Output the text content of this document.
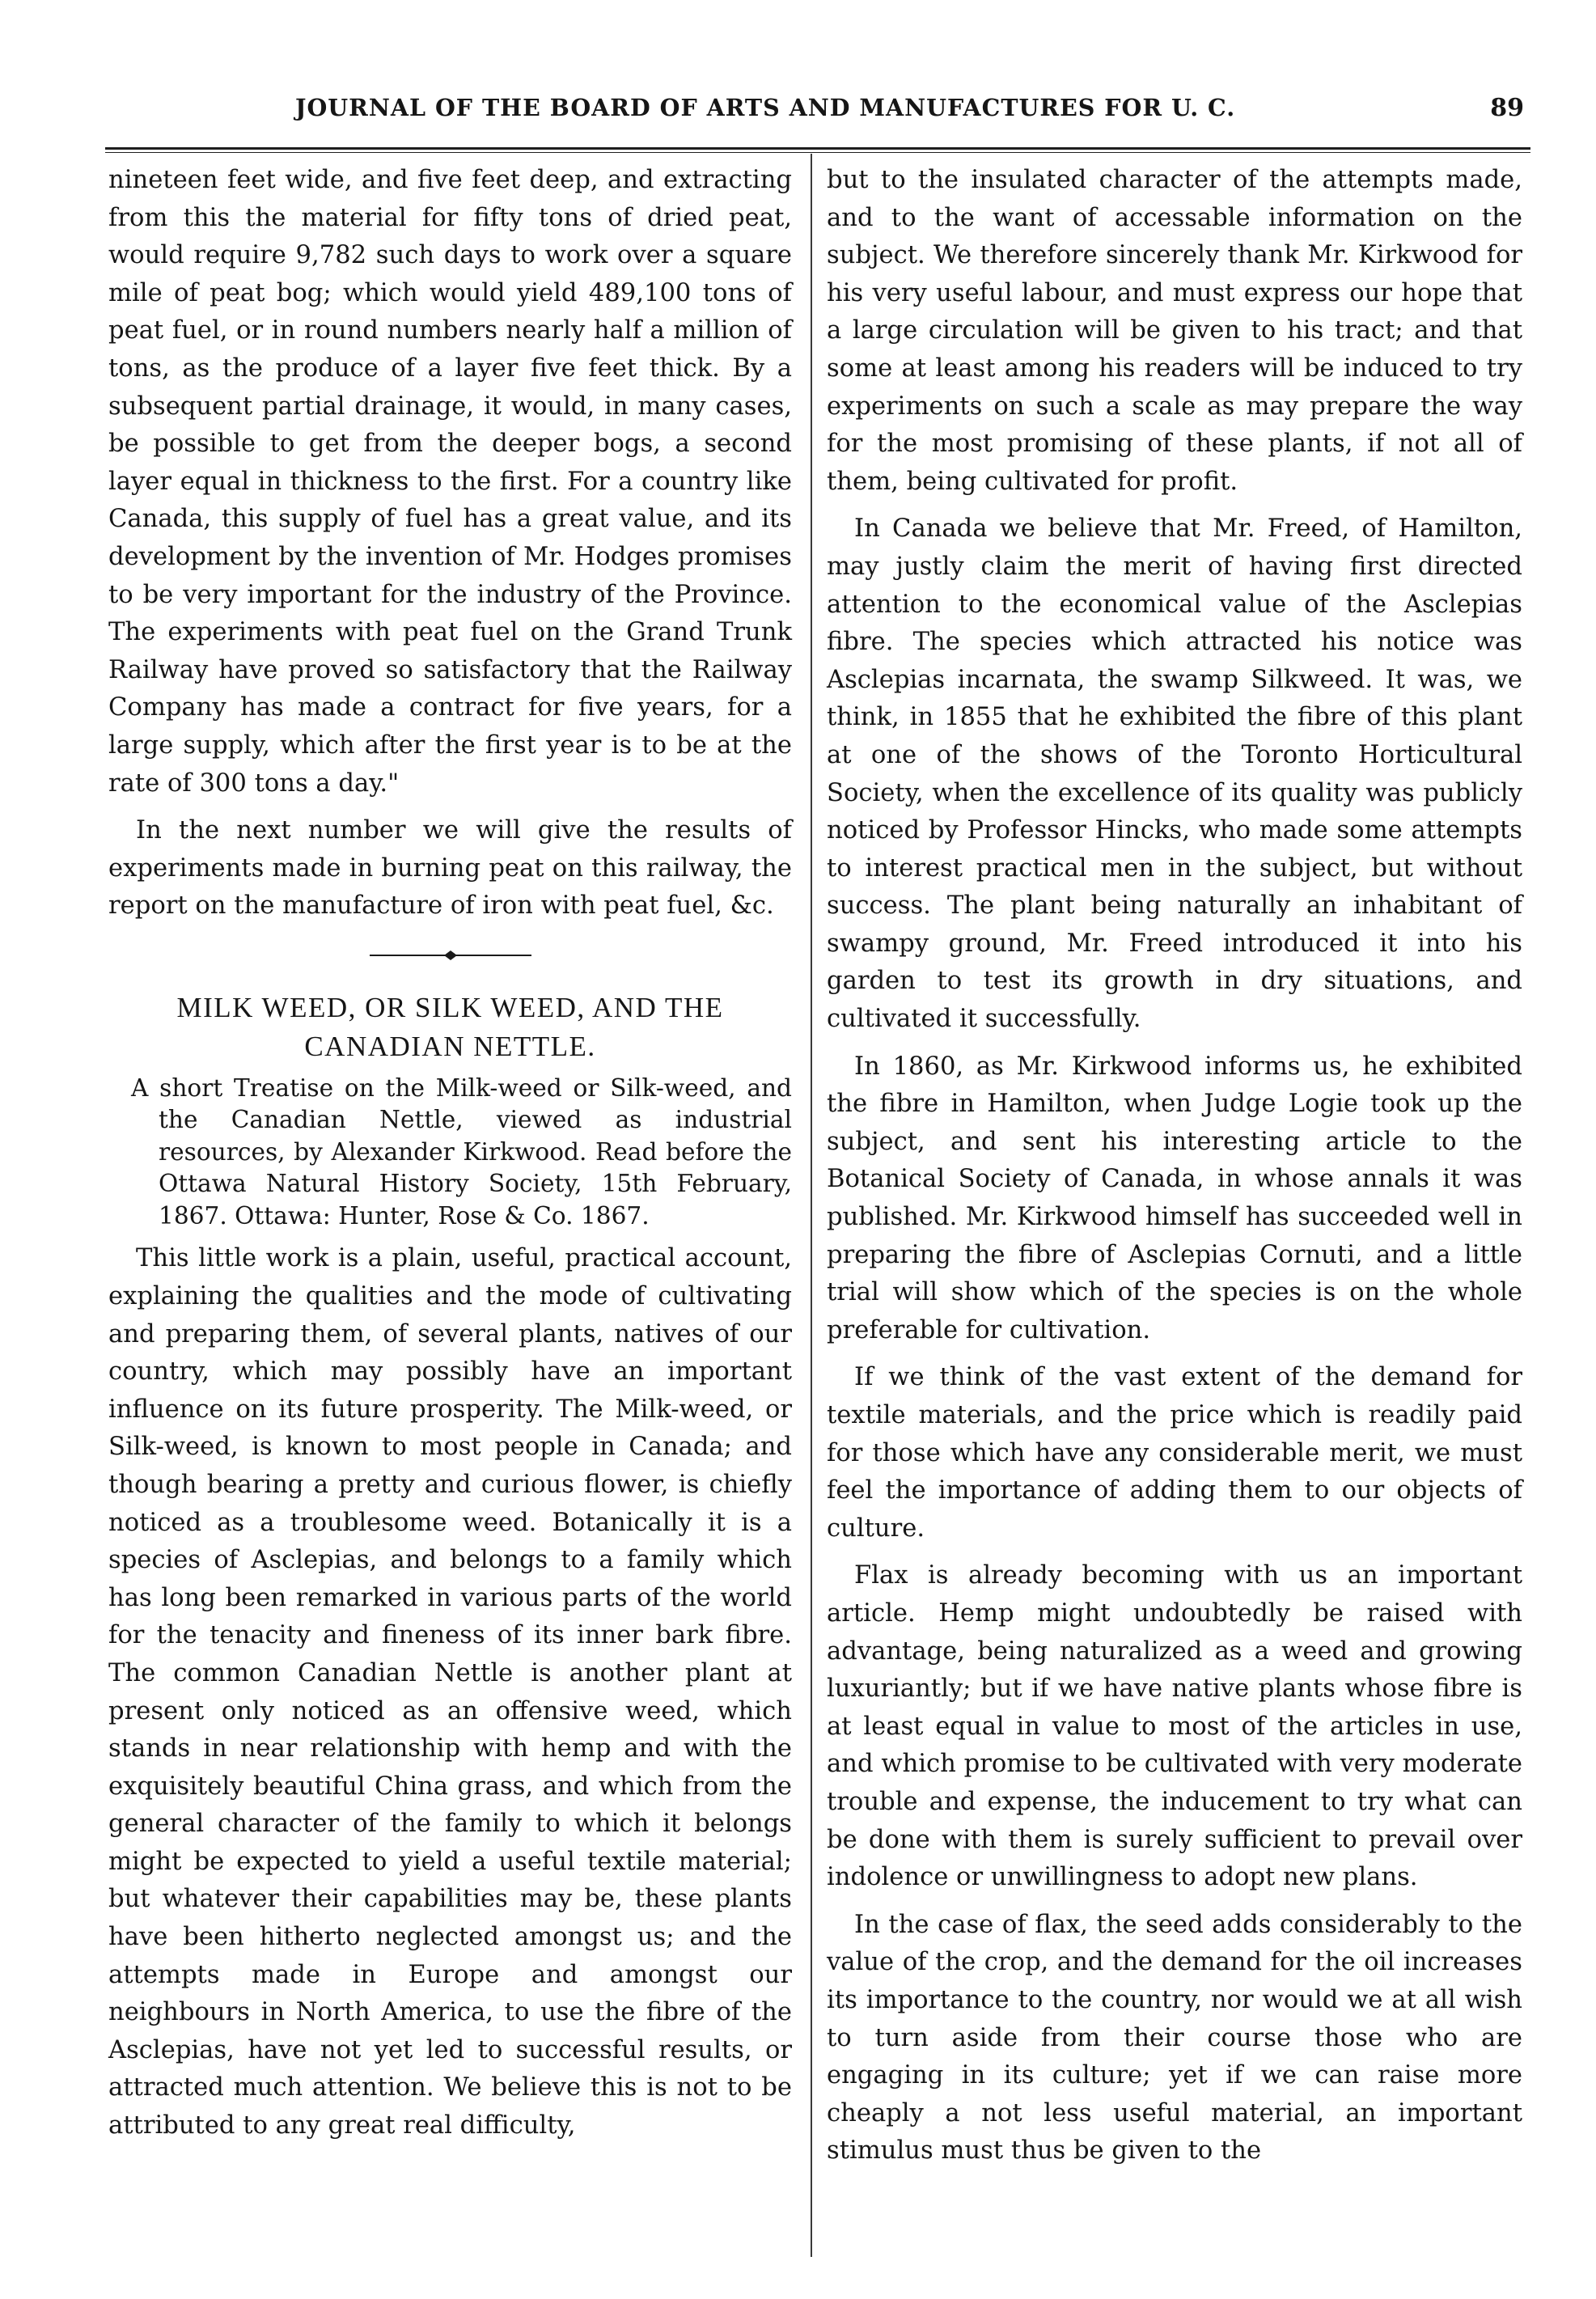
JOURNAL OF THE BOARD OF ARTS AND MANUFACTURES FOR U. C.	89

nineteen feet wide, and five feet deep, and extracting from this the material for fifty tons of dried peat, would require 9,782 such days to work over a square mile of peat bog; which would yield 489,100 tons of peat fuel, or in round numbers nearly half a million of tons, as the produce of a layer five feet thick. By a subsequent partial drainage, it would, in many cases, be possible to get from the deeper bogs, a second layer equal in thickness to the first. For a country like Canada, this supply of fuel has a great value, and its development by the invention of Mr. Hodges promises to be very important for the industry of the Province. The experiments with peat fuel on the Grand Trunk Railway have proved so satisfactory that the Railway Company has made a contract for five years, for a large supply, which after the first year is to be at the rate of 300 tons a day."

In the next number we will give the results of experiments made in burning peat on this railway, the report on the manufacture of iron with peat fuel, &c.

MILK WEED, OR SILK WEED, AND THE

CANADIAN NETTLE.

A short Treatise on the Milk-weed or Silk-weed, and the Canadian Nettle, viewed as industrial resources, by Alexander Kirkwood. Read before the Ottawa Natural History Society, 15th February, 1867. Ottawa: Hunter, Rose & Co. 1867.

This little work is a plain, useful, practical account, explaining the qualities and the mode of cultivating and preparing them, of several plants, natives of our country, which may possibly have an important influence on its future prosperity. The Milk-weed, or Silk-weed, is known to most people in Canada; and though bearing a pretty and curious flower, is chiefly noticed as a troublesome weed. Botanically it is a species of Asclepias, and belongs to a family which has long been remarked in various parts of the world for the tenacity and fineness of its inner bark fibre. The common Canadian Nettle is another plant at present only noticed as an offensive weed, which stands in near relationship with hemp and with the exquisitely beautiful China grass, and which from the general character of the family to which it belongs might be expected to yield a useful textile material; but whatever their capabilities may be, these plants have been hitherto neglected amongst us; and the attempts made in Europe and amongst our neighbours in North America, to use the fibre of the Asclepias, have not yet led to successful results, or attracted much attention. We believe this is not to be attributed to any great real difficulty,

but to the insulated character of the attempts made, and to the want of accessable information on the subject. We therefore sincerely thank Mr. Kirkwood for his very useful labour, and must express our hope that a large circulation will be given to his tract; and that some at least among his readers will be induced to try experiments on such a scale as may prepare the way for the most promising of these plants, if not all of them, being cultivated for profit.

In Canada we believe that Mr. Freed, of Hamilton, may justly claim the merit of having first directed attention to the economical value of the Asclepias fibre. The species which attracted his notice was Asclepias incarnata, the swamp Silkweed. It was, we think, in 1855 that he exhibited the fibre of this plant at one of the shows of the Toronto Horticultural Society, when the excellence of its quality was publicly noticed by Professor Hincks, who made some attempts to interest practical men in the subject, but without success. The plant being naturally an inhabitant of swampy ground, Mr. Freed introduced it into his garden to test its growth in dry situations, and cultivated it successfully.

In 1860, as Mr. Kirkwood informs us, he exhibited the fibre in Hamilton, when Judge Logie took up the subject, and sent his interesting article to the Botanical Society of Canada, in whose annals it was published. Mr. Kirkwood himself has succeeded well in preparing the fibre of Asclepias Cornuti, and a little trial will show which of the species is on the whole preferable for cultivation.

If we think of the vast extent of the demand for textile materials, and the price which is readily paid for those which have any considerable merit, we must feel the importance of adding them to our objects of culture.

Flax is already becoming with us an important article. Hemp might undoubtedly be raised with advantage, being naturalized as a weed and growing luxuriantly; but if we have native plants whose fibre is at least equal in value to most of the articles in use, and which promise to be cultivated with very moderate trouble and expense, the inducement to try what can be done with them is surely sufficient to prevail over indolence or unwillingness to adopt new plans.

In the case of flax, the seed adds considerably to the value of the crop, and the demand for the oil increases its importance to the country, nor would we at all wish to turn aside from their course those who are engaging in its culture; yet if we can raise more cheaply a not less useful material, an important stimulus must thus be given to the
